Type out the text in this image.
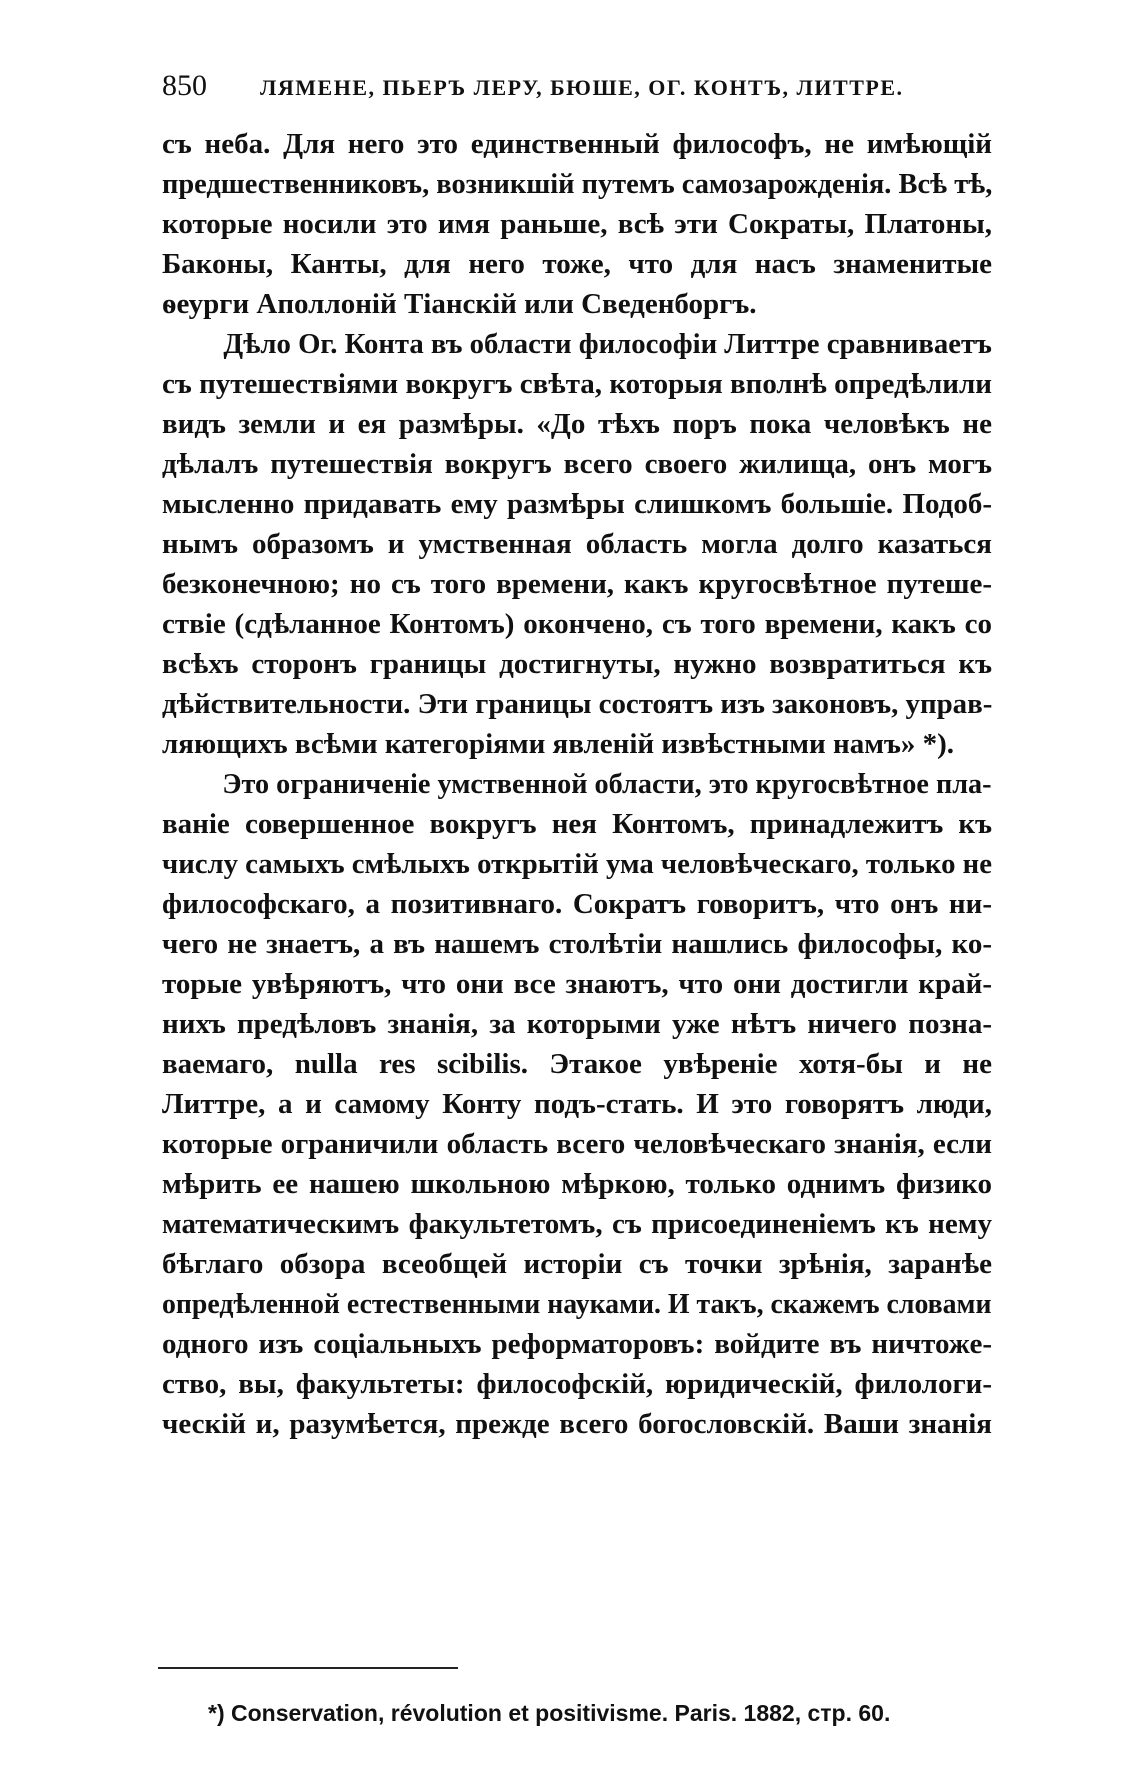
850 ЛЯМЕНЕ, ПЬЕРЪ ЛЕРУ, БЮШЕ, ОГ. КОНТЪ, ЛИТТРЕ.
съ неба. Для него это единственный философъ, не имѣющій
предшественниковъ, возникшій путемъ самозарожденія. Всѣ тѣ,
которые носили это имя раньше, всѣ эти Сократы, Платоны,
Баконы, Канты, для него тоже, что для насъ знаменитые
ѳеурги Аполлоній Тіанскій или Сведенборгъ.
Дѣло Ог. Конта въ области философіи Литтре сравниваетъ
съ путешествіями вокругъ свѣта, которыя вполнѣ опредѣлили
видъ земли и ея размѣры. «До тѣхъ поръ пока человѣкъ не
дѣлалъ путешествія вокругъ всего своего жилища, онъ могъ
мысленно придавать ему размѣры слишкомъ большіе. Подоб-
нымъ образомъ и умственная область могла долго казаться
безконечною; но съ того времени, какъ кругосвѣтное путеше-
ствіе (сдѣланное Контомъ) окончено, съ того времени, какъ со
всѣхъ сторонъ границы достигнуты, нужно возвратиться къ
дѣйствительности. Эти границы состоятъ изъ законовъ, управ-
ляющихъ всѣми категоріями явленій извѣстными намъ» *).
Это ограниченіе умственной области, это кругосвѣтное пла-
ваніе совершенное вокругъ нея Контомъ, принадлежитъ къ
числу самыхъ смѣлыхъ открытій ума человѣческаго, только не
философскаго, а позитивнаго. Сократъ говоритъ, что онъ ни-
чего не знаетъ, а въ нашемъ столѣтіи нашлись философы, ко-
торые увѣряютъ, что они все знаютъ, что они достигли край-
нихъ предѣловъ знанія, за которыми уже нѣтъ ничего позна-
ваемаго, nulla res scibilis. Этакое увѣреніе хотя-бы и не
Литтре, а и самому Конту подъ-стать. И это говорятъ люди,
которые ограничили область всего человѣческаго знанія, если
мѣрить ее нашею школьною мѣркою, только однимъ физико
математическимъ факультетомъ, съ присоединеніемъ къ нему
бѣглаго обзора всеобщей исторіи съ точки зрѣнія, заранѣе
опредѣленной естественными науками. И такъ, скажемъ словами
одного изъ соціальныхъ реформаторовъ: войдите въ ничтоже-
ство, вы, факультеты: философскій, юридическій, филологи-
ческій и, разумѣется, прежде всего богословскій. Ваши знанія
*) Conservation, révolution et positivisme. Paris. 1882, стр. 60.
